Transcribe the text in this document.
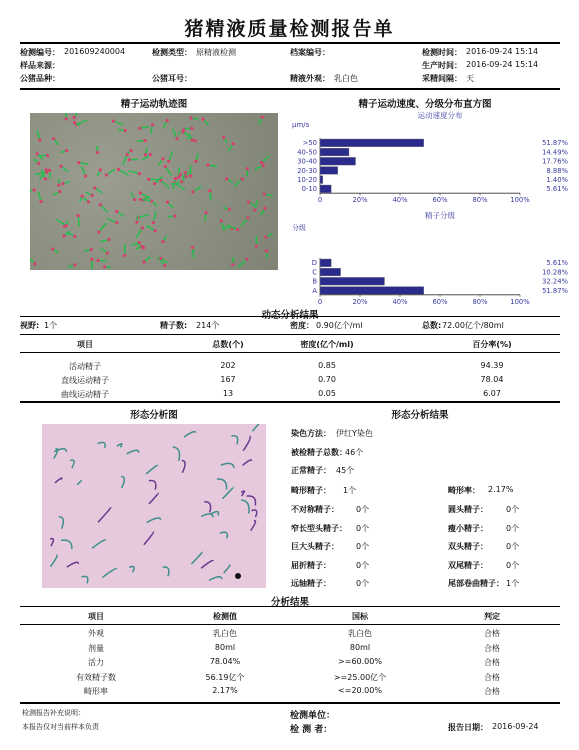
猪精液质量检测报告单
检测编号： 201609240004	检测类型： 原精液检测	档案编号：	检测时间： 2016-09-24 15:14
样品来源：	生产时间： 2016-09-24 15:14
公猪品种：	公猪耳号：	精液外观： 乳白色	采精间隔： 天
精子运动轨迹图	精子运动速度、分级分布直方图
运动速度分布
μm/s
>50	51.87%
40-50	14.49%
30-40	17.76%
20-30	8.88%
10-20	1.40%
0-10	5.61%
0	20%	40%	60%	80%	100%
精子分级
分级
D	5.61%
C	10.28%
B	32.24%
A	51.87%
0	20%	40%	60%	80%	100%
动态分析结果
视野: 1个	精子数: 214个	密度： 0.90亿个/ml	总数: 72.00亿个/80ml
项目	总数(个)	密度(亿个/ml)	百分率(%)
活动精子	202	0.85	94.39
直线运动精子	167	0.70	78.04
曲线运动精子	13	0.05	6.07
形态分析图	形态分析结果
染色方法： 伊红Y染色
被检精子总数：
46个
正常精子： 45个
畸形精子： 1个	畸形率： 2.17%
不对称精子： 0个	圆头精子： 0个
窄长型头精子： 0个	瘦小精子： 0个
巨大头精子： 0个	双头精子： 0个
屈折精子：	0个	双尾精子： 0个
远轴精子：	0个	尾部卷曲精子： 1个
分析结果
项目	检测值	国标	判定
外观	乳白色	乳白色	合格
剂量	80ml	80ml	合格
活力	78.04%	>=60.00%	合格
有效精子数	56.19亿个	>=25.00亿个	合格
畸形率	2.17%	<=20.00%	合格
检测报告补充说明：
本报告仅对当前样本负责
检测单位：
检 测 者：	报告日期： 2016-09-24
